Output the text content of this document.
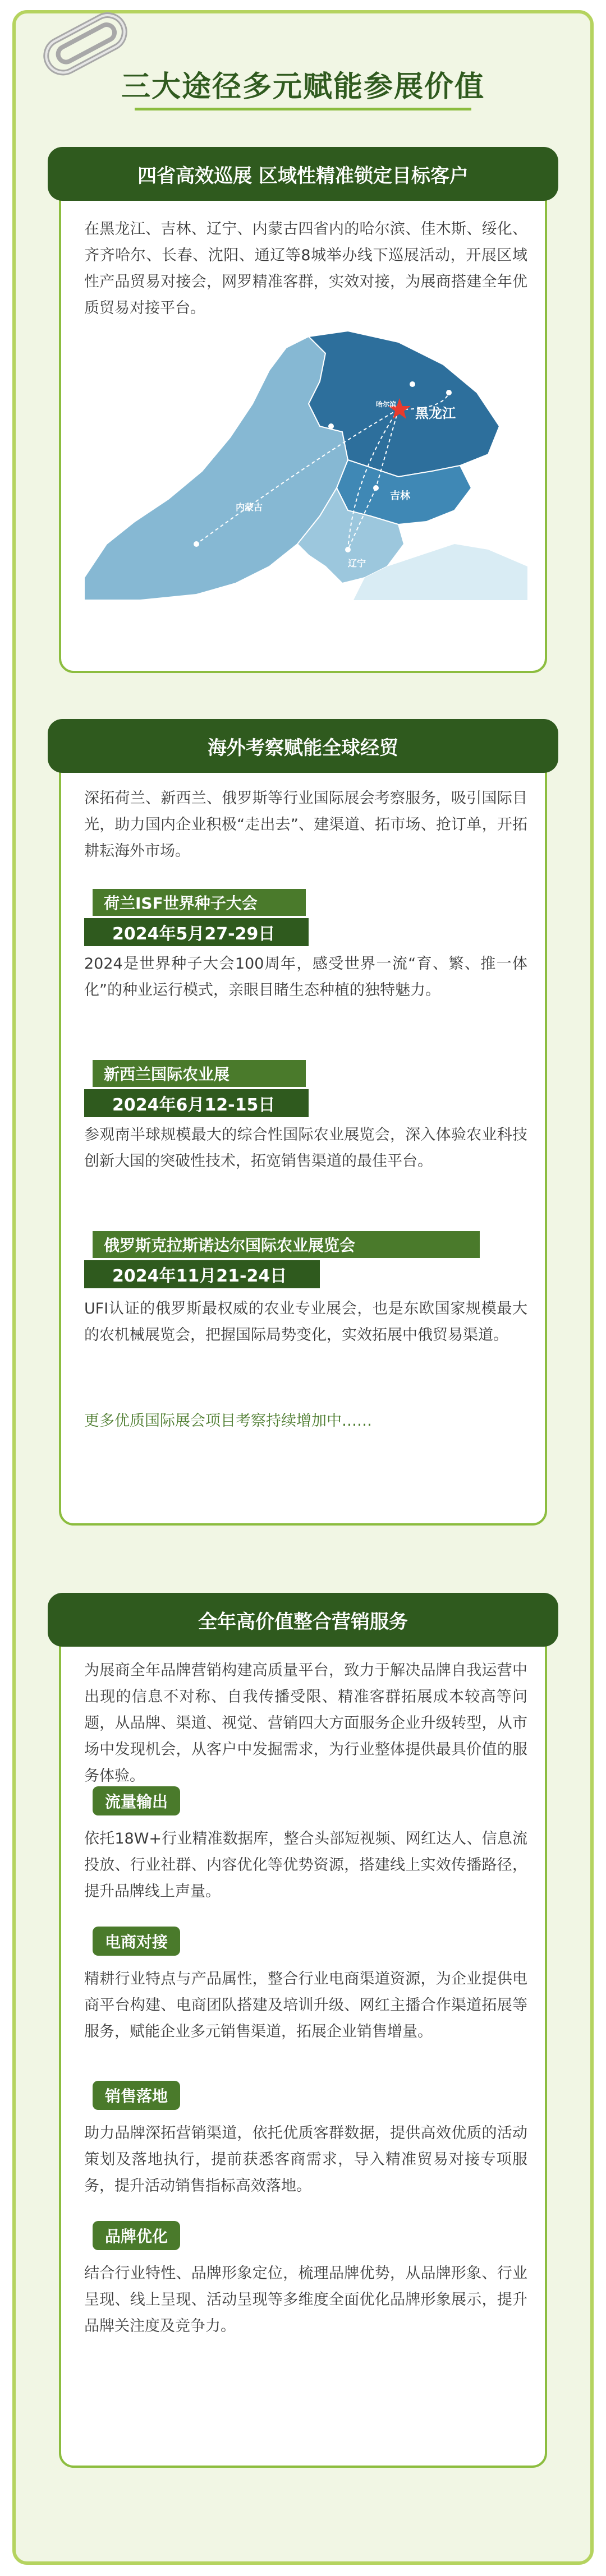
三大途径多元赋能参展价值
四省高效巡展 区域性精准锁定目标客户
在黑龙江、吉林、辽宁、内蒙古四省内的哈尔滨、佳木斯、绥化、齐齐哈尔、长春、沈阳、通辽等8城举办线下巡展活动，开展区域性产品贸易对接会，网罗精准客群，实效对接，为展商搭建全年优质贸易对接平台。
黑龙江
吉林
辽宁
内蒙古
哈尔滨
海外考察赋能全球经贸
深拓荷兰、新西兰、俄罗斯等行业国际展会考察服务，吸引国际目光，助力国内企业积极“走出去”、建渠道、拓市场、抢订单，开拓耕耘海外市场。
荷兰ISF世界种子大会
2024年5月27-29日
2024是世界种子大会100周年，感受世界一流“育、繁、推一体化”的种业运行模式，亲眼目睹生态种植的独特魅力。
新西兰国际农业展
2024年6月12-15日
参观南半球规模最大的综合性国际农业展览会，深入体验农业科技创新大国的突破性技术，拓宽销售渠道的最佳平台。
俄罗斯克拉斯诺达尔国际农业展览会
2024年11月21-24日
UFI认证的俄罗斯最权威的农业专业展会，也是东欧国家规模最大的农机械展览会，把握国际局势变化，实效拓展中俄贸易渠道。
更多优质国际展会项目考察持续增加中……
全年高价值整合营销服务
为展商全年品牌营销构建高质量平台，致力于解决品牌自我运营中出现的信息不对称、自我传播受限、精准客群拓展成本较高等问题，从品牌、渠道、视觉、营销四大方面服务企业升级转型，从市场中发现机会，从客户中发掘需求，为行业整体提供最具价值的服务体验。
流量输出
依托18W+行业精准数据库，整合头部短视频、网红达人、信息流投放、行业社群、内容优化等优势资源，搭建线上实效传播路径，提升品牌线上声量。
电商对接
精耕行业特点与产品属性，整合行业电商渠道资源，为企业提供电商平台构建、电商团队搭建及培训升级、网红主播合作渠道拓展等服务，赋能企业多元销售渠道，拓展企业销售增量。
销售落地
助力品牌深拓营销渠道，依托优质客群数据，提供高效优质的活动策划及落地执行，提前获悉客商需求，导入精准贸易对接专项服务，提升活动销售指标高效落地。
品牌优化
结合行业特性、品牌形象定位，梳理品牌优势，从品牌形象、行业呈现、线上呈现、活动呈现等多维度全面优化品牌形象展示，提升品牌关注度及竞争力。
